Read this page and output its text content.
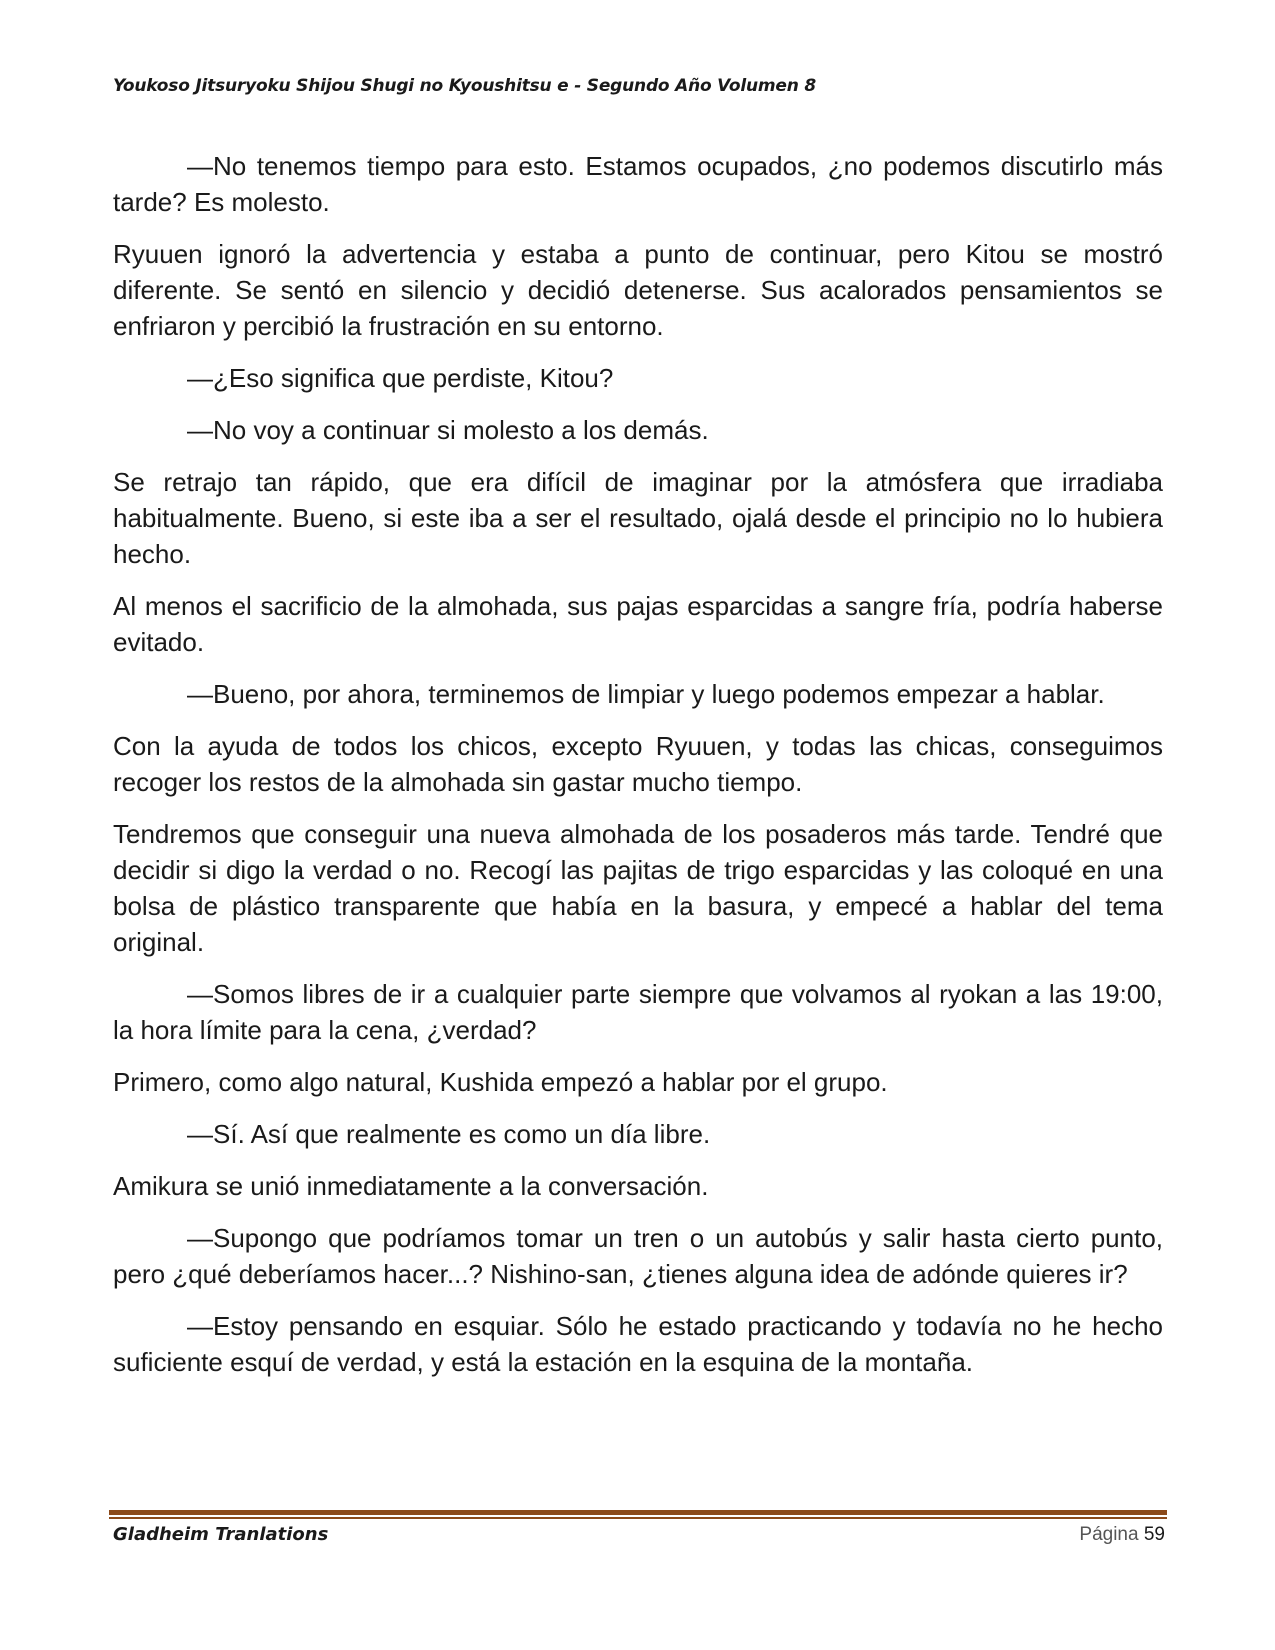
Youkoso Jitsuryoku Shijou Shugi no Kyoushitsu e - Segundo Año Volumen 8

—No tenemos tiempo para esto. Estamos ocupados, ¿no podemos discutirlo más tarde? Es molesto.

Ryuuen ignoró la advertencia y estaba a punto de continuar, pero Kitou se mostró diferente. Se sentó en silencio y decidió detenerse. Sus acalorados pensamientos se enfriaron y percibió la frustración en su entorno.

—¿Eso significa que perdiste, Kitou?

—No voy a continuar si molesto a los demás.

Se retrajo tan rápido, que era difícil de imaginar por la atmósfera que irradiaba habitualmente. Bueno, si este iba a ser el resultado, ojalá desde el principio no lo hubiera hecho.

Al menos el sacrificio de la almohada, sus pajas esparcidas a sangre fría, podría haberse evitado.

—Bueno, por ahora, terminemos de limpiar y luego podemos empezar a hablar.

Con la ayuda de todos los chicos, excepto Ryuuen, y todas las chicas, conseguimos recoger los restos de la almohada sin gastar mucho tiempo.

Tendremos que conseguir una nueva almohada de los posaderos más tarde. Tendré que decidir si digo la verdad o no. Recogí las pajitas de trigo esparcidas y las coloqué en una bolsa de plástico transparente que había en la basura, y empecé a hablar del tema original.

—Somos libres de ir a cualquier parte siempre que volvamos al ryokan a las 19:00, la hora límite para la cena, ¿verdad?

Primero, como algo natural, Kushida empezó a hablar por el grupo.

—Sí. Así que realmente es como un día libre.

Amikura se unió inmediatamente a la conversación.

—Supongo que podríamos tomar un tren o un autobús y salir hasta cierto punto, pero ¿qué deberíamos hacer...? Nishino-san, ¿tienes alguna idea de adónde quieres ir?

—Estoy pensando en esquiar. Sólo he estado practicando y todavía no he hecho suficiente esquí de verdad, y está la estación en la esquina de la montaña.

Gladheim Tranlations	Página 59
